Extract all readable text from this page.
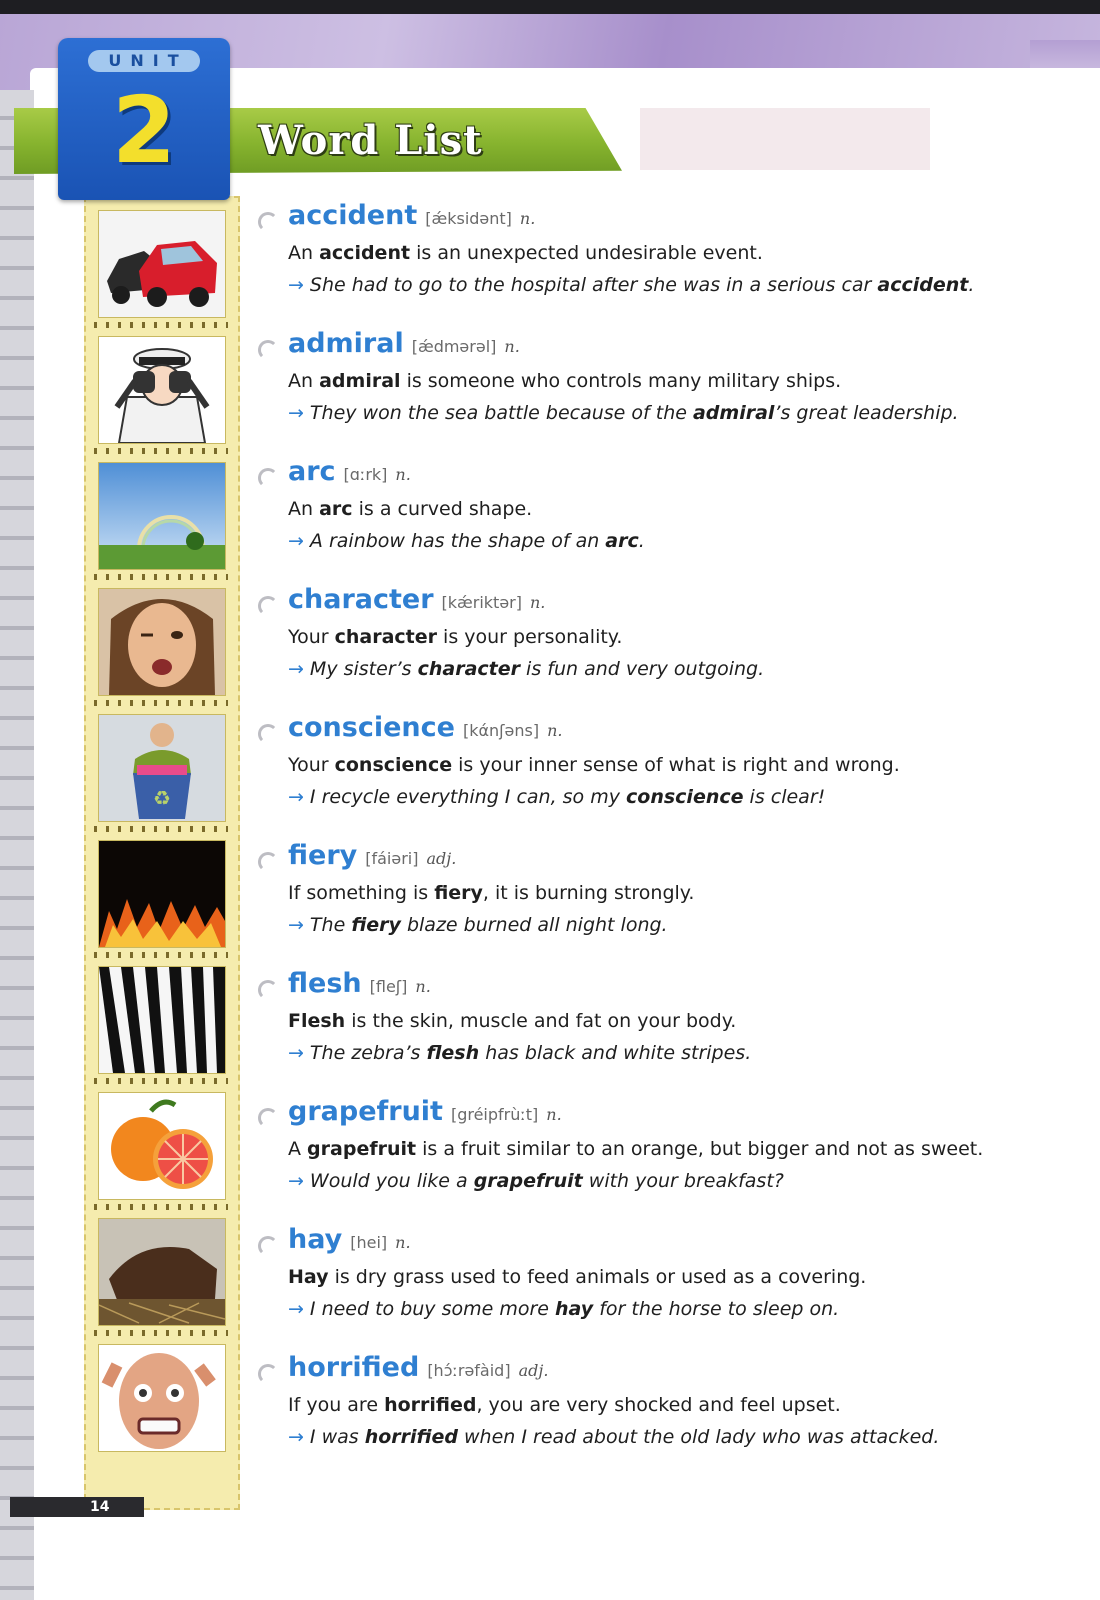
UNIT
2	Word List
♻
accident [ǽksidənt] n.
An accident is an unexpected undesirable event.
→ She had to go to the hospital after she was in a serious car accident.
admiral [ǽdmərəl] n.
An admiral is someone who controls many military ships.
→ They won the sea battle because of the admiral’s great leadership.
arc [ɑːrk] n.
An arc is a curved shape.
→ A rainbow has the shape of an arc.
character [kǽriktər] n.
Your character is your personality.
→ My sister’s character is fun and very outgoing.
conscience [kάnʃəns] n.
Your conscience is your inner sense of what is right and wrong.
→ I recycle everything I can, so my conscience is clear!
fiery [fáiəri] adj.
If something is fiery, it is burning strongly.
→ The fiery blaze burned all night long.
flesh [fleʃ] n.
Flesh is the skin, muscle and fat on your body.
→ The zebra’s flesh has black and white stripes.
grapefruit [gréipfrùːt] n.
A grapefruit is a fruit similar to an orange, but bigger and not as sweet.
→ Would you like a grapefruit with your breakfast?
hay [hei] n.
Hay is dry grass used to feed animals or used as a covering.
→ I need to buy some more hay for the horse to sleep on.
horrified [hɔ́ːrəfàid] adj.
If you are horrified, you are very shocked and feel upset.
→ I was horrified when I read about the old lady who was attacked.
14
